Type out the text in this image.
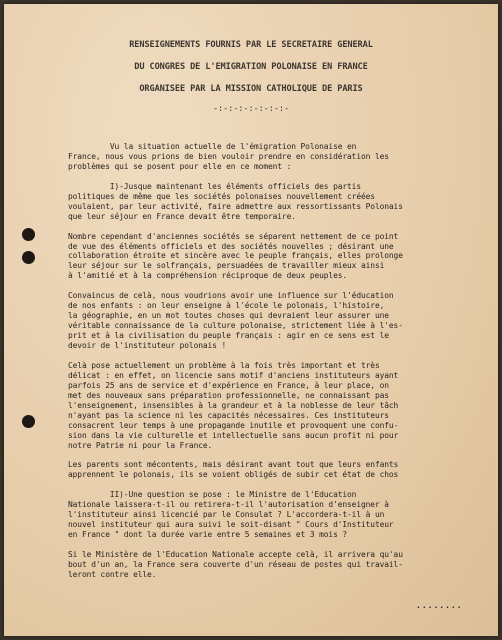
RENSEIGNEMENTS FOURNIS PAR LE SECRETAIRE GENERAL
DU CONGRES DE L'EMIGRATION POLONAISE EN FRANCE
ORGANISEE PAR LA MISSION CATHOLIQUE DE PARIS
-:-:-:-:-:-:-:-
Vu la situation actuelle de l'émigration Polonaise en
France, nous vous prions de bien vouloir prendre en considération les
problèmes qui se posent pour elle en ce moment :
I)-Jusque maintenant les éléments officiels des partis
politiques de même que les sociétés polonaises nouvellement créées
voulaient, par leur activité, faire admettre aux ressortissants Polonais
que leur séjour en France devait être temporaire.
Nombre cependant d'anciennes sociétés se séparent nettement de ce point
de vue des éléments officiels et des sociétés nouvelles ; désirant une
collaboration étroite et sincère avec le peuple français, elles prolonge
leur séjour sur le solfrançais, persuadées de travailler mieux ainsi
à l'amitié et à la compréhension réciproque de deux peuples.
Convaincus de celà, nous voudrions avoir une influence sur l'éducation
de nos enfants : on leur enseigne à l'école le polonais, l'histoire,
la géographie, en un mot toutes choses qui devraient leur assurer une
véritable connaissance de la culture polonaise, strictement liée à l'es-
prit et à la civilisation du peuple français : agir en ce sens est le
devoir de l'instituteur polonais !
Celà pose actuellement un problème à la fois très important et très
délicat : en effet, on licencie sans motif d'anciens instituteurs ayant
parfois 25 ans de service et d'expérience en France, à leur place, on
met des nouveaux sans préparation professionnelle, ne connaissant pas
l'enseignement, insensibles à la grandeur et à la noblesse de leur tâch
n'ayant pas la science ni les capacités nécessaires. Ces instituteurs
consacrent leur temps à une propagande inutile et provoquent une confu-
sion dans la vie culturelle et intellectuelle sans aucun profit ni pour
notre Patrie ni pour la France.
Les parents sont mécontents, mais désirant avant tout que leurs enfants
apprennent le polonais, ils se voient obligés de subir cet état de chos
II)-Une question se pose : le Ministre de l'Education
Nationale laissera-t-il ou retirera-t-il l'autorisation d'enseigner à
l'instituteur ainsi licencié par le Consulat ? L'accordera-t-il à un
nouvel instituteur qui aura suivi le soit-disant " Cours d'Instituteur
en France " dont la durée varie entre 5 semaines et 3 mois ?
Si le Ministère de l'Education Nationale accepte celà, il arrivera qu'au
bout d'un an, la France sera couverte d'un réseau de postes qui travail-
leront contre elle.
........
